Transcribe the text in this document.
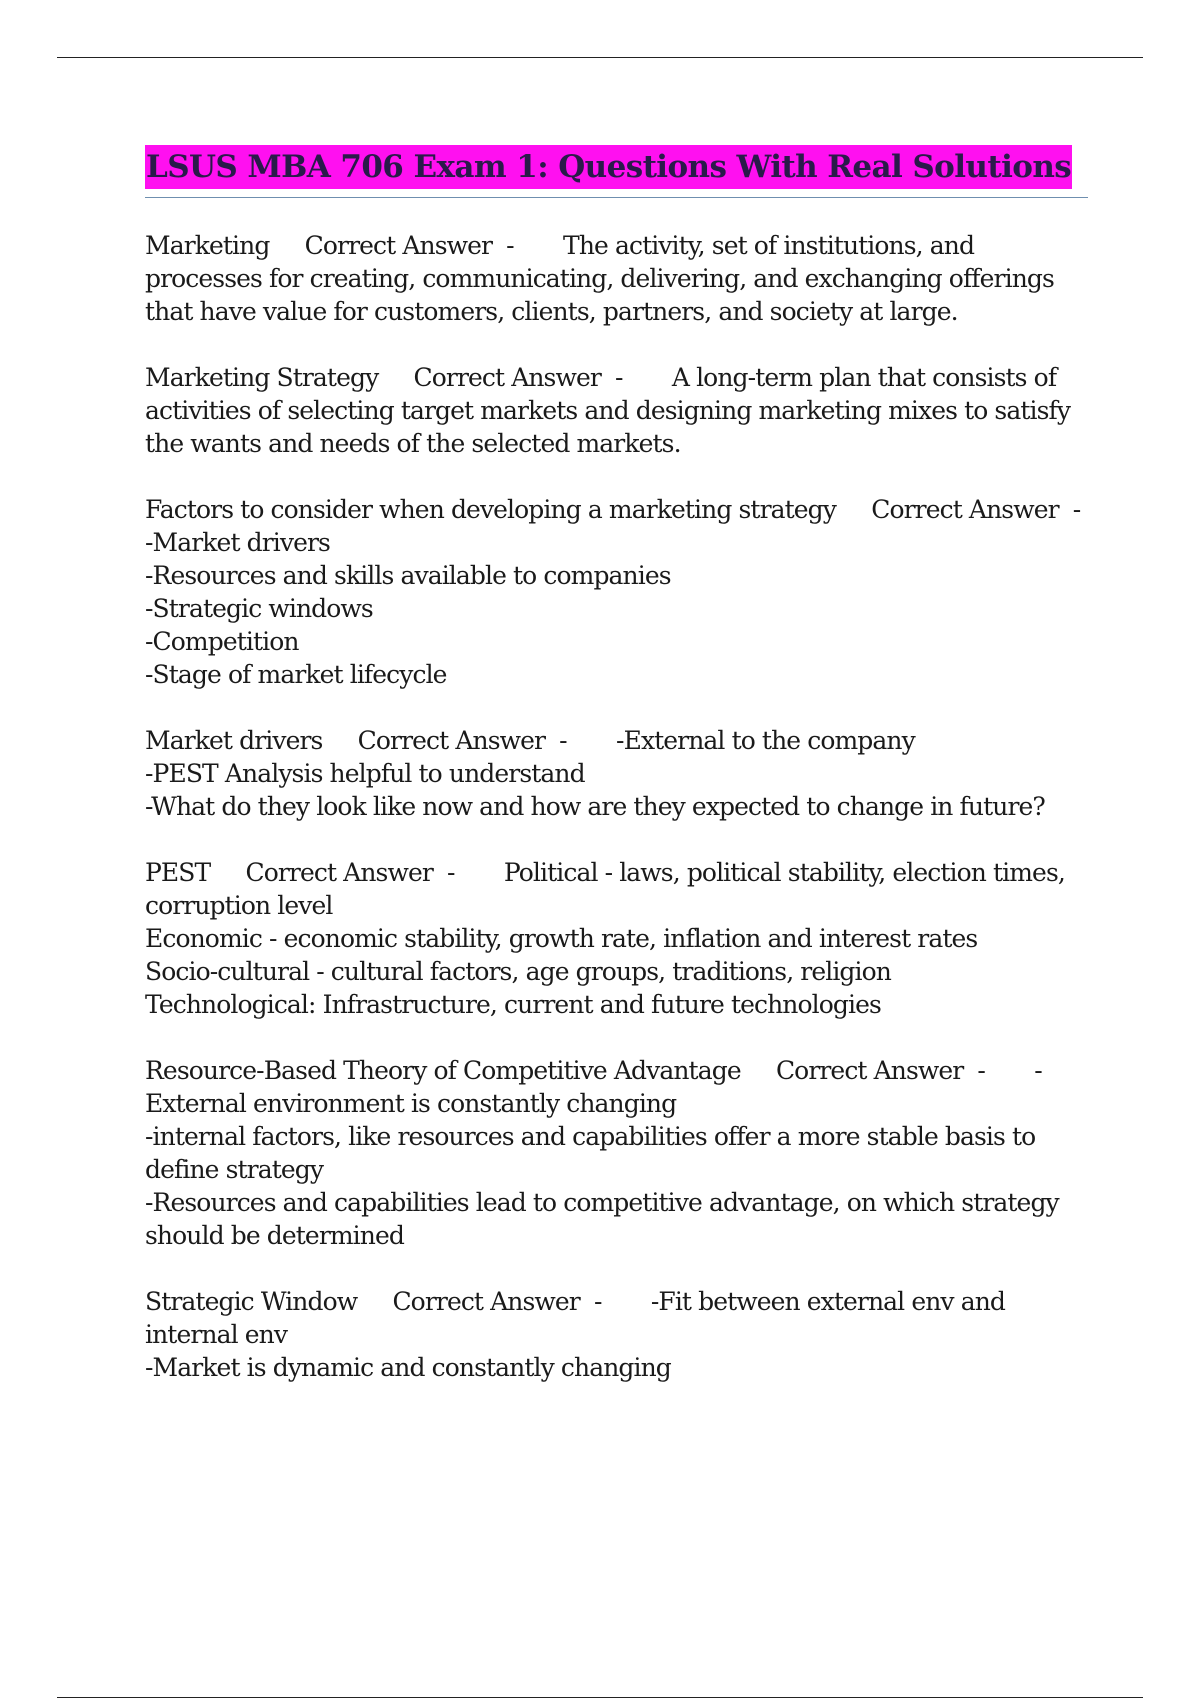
LSUS MBA 706 Exam 1: Questions With Real Solutions
Marketing     Correct Answer  -       The activity, set of institutions, and
processes for creating, communicating, delivering, and exchanging offerings
that have value for customers, clients, partners, and society at large.
Marketing Strategy     Correct Answer  -       A long-term plan that consists of
activities of selecting target markets and designing marketing mixes to satisfy
the wants and needs of the selected markets.
Factors to consider when developing a marketing strategy     Correct Answer  -
-Market drivers
-Resources and skills available to companies
-Strategic windows
-Competition
-Stage of market lifecycle
Market drivers     Correct Answer  -       -External to the company
-PEST Analysis helpful to understand
-What do they look like now and how are they expected to change in future?
PEST     Correct Answer  -       Political - laws, political stability, election times,
corruption level
Economic - economic stability, growth rate, inflation and interest rates
Socio-cultural - cultural factors, age groups, traditions, religion
Technological: Infrastructure, current and future technologies
Resource-Based Theory of Competitive Advantage     Correct Answer  -       -
External environment is constantly changing
-internal factors, like resources and capabilities offer a more stable basis to
define strategy
-Resources and capabilities lead to competitive advantage, on which strategy
should be determined
Strategic Window     Correct Answer  -       -Fit between external env and
internal env
-Market is dynamic and constantly changing
